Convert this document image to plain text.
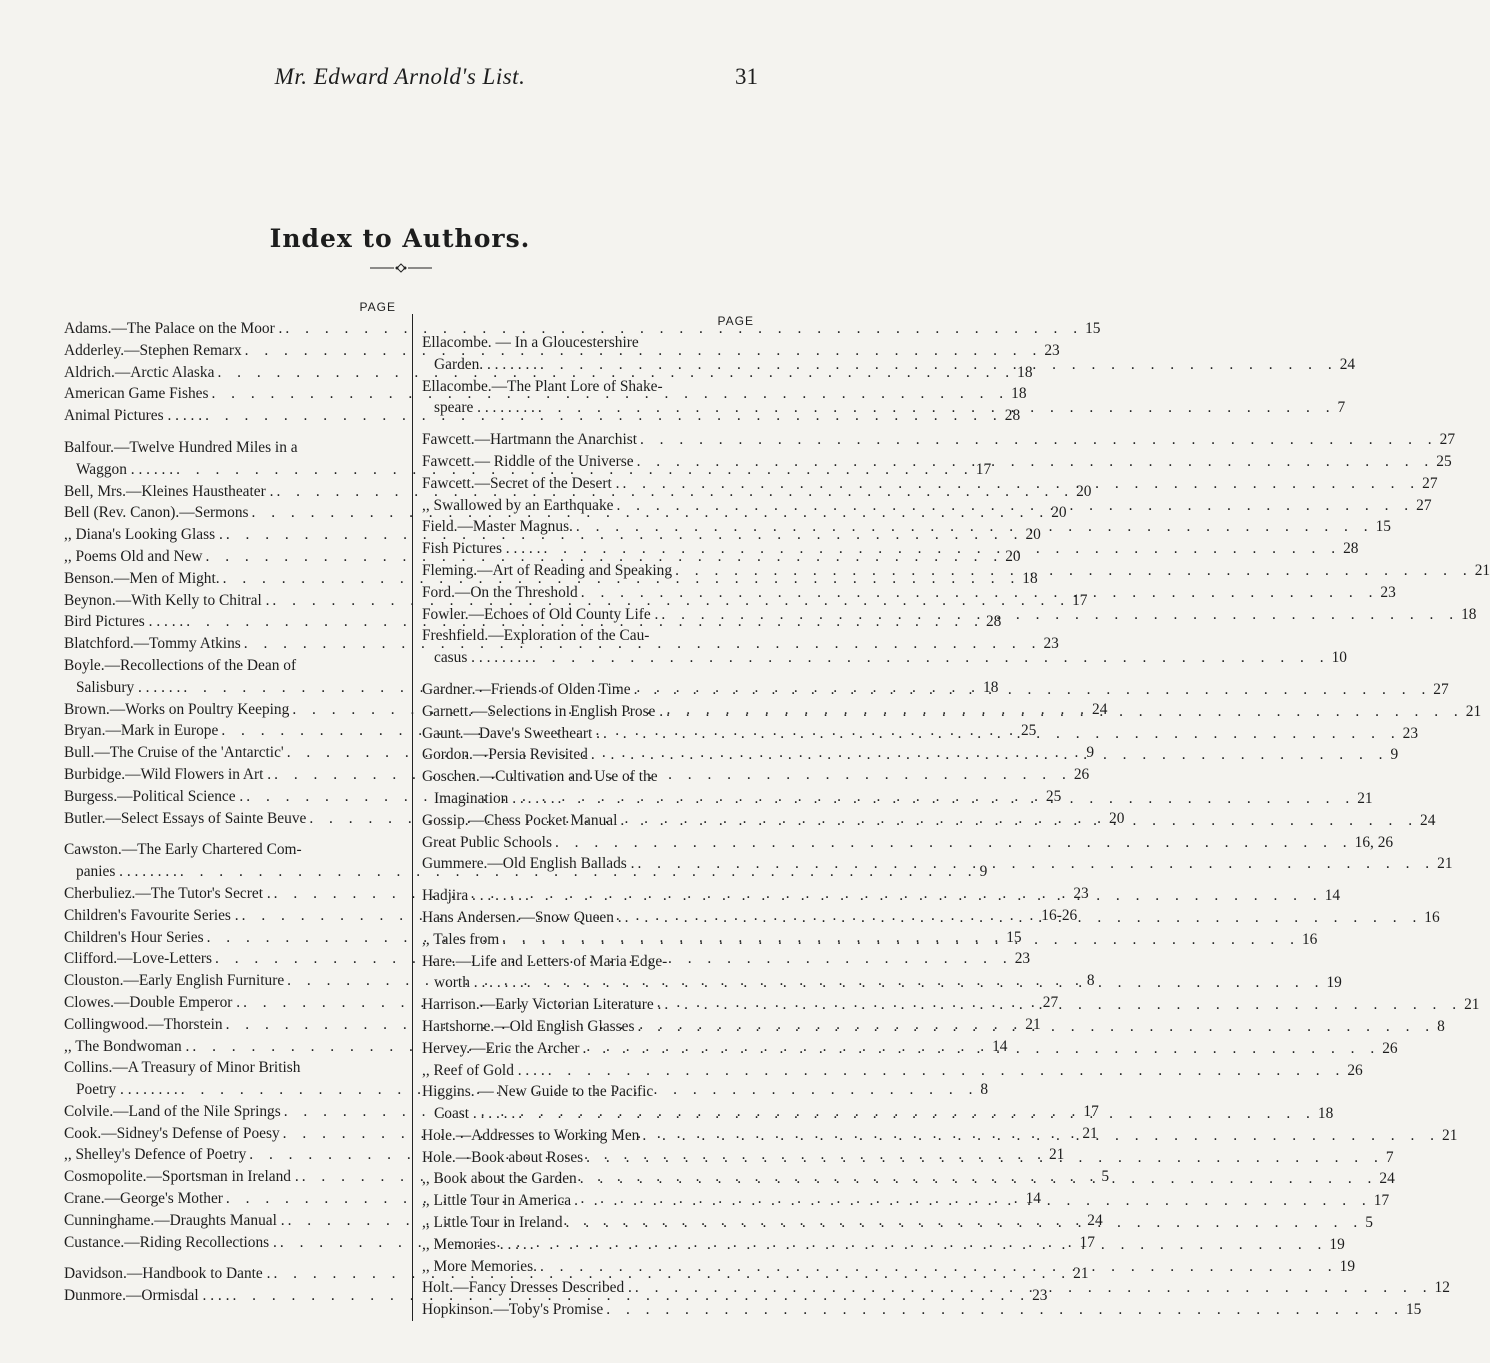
Mr. Edward Arnold's List.	31
Index to Authors.
PAGE
Adams.—The Palace on the Moor . . . .	15
Adderley.—Stephen Remarx . . .	23
Aldrich.—Arctic Alaska . . .	18
American Game Fishes . . .	18
Animal Pictures . . . . . . . .	28
Balfour.—Twelve Hundred Miles in a
Waggon . . . . . . . . .	17
Bell, Mrs.—Kleines Haustheater . . . .	20
Bell (Rev. Canon).—Sermons . . .	20
,, Diana's Looking Glass . . . .	20
,, Poems Old and New . . .	20
Benson.—Men of Might. . . .	18
Beynon.—With Kelly to Chitral . . . .	17
Bird Pictures . . . . . . . .	28
Blatchford.—Tommy Atkins . . .	23
Boyle.—Recollections of the Dean of
Salisbury . . . . . . . . .	18
Brown.—Works on Poultry Keeping . . .	24
Bryan.—Mark in Europe . . .	25
Bull.—The Cruise of the 'Antarctic' . . .	9
Burbidge.—Wild Flowers in Art . . . .	26
Burgess.—Political Science . . . .	25
Butler.—Select Essays of Sainte Beuve . . .	20
Cawston.—The Early Chartered Com-
panies . . . . . . . . . . .	9
Cherbuliez.—The Tutor's Secret . . . .	23
Children's Favourite Series . . . .	16-26
Children's Hour Series . . .	15
Clifford.—Love-Letters . . .	23
Clouston.—Early English Furniture . . .	8
Clowes.—Double Emperor . . . .	27
Collingwood.—Thorstein . . .	21
,, The Bondwoman . . . .	14
Collins.—A Treasury of Minor British
Poetry . . . . . . . . . . .	8
Colvile.—Land of the Nile Springs . . .	17
Cook.—Sidney's Defense of Poesy . . .	21
,, Shelley's Defence of Poetry . . .	21
Cosmopolite.—Sportsman in Ireland . . . .	5
Crane.—George's Mother . . .	14
Cunninghame.—Draughts Manual . . . .	24
Custance.—Riding Recollections . . . .	17
Davidson.—Handbook to Dante . . . .	21
Dunmore.—Ormisdal . . . . . . .	23
PAGE
Ellacombe. — In a Gloucestershire
Garden. . . . . . . . . . .	24
Ellacombe.—The Plant Lore of Shake-
speare . . . . . . . . . . .	7
Fawcett.—Hartmann the Anarchist . . .	27
Fawcett.— Riddle of the Universe . . .	25
Fawcett.—Secret of the Desert . . . .	27
,, Swallowed by an Earthquake . . .	27
Field.—Master Magnus. . . .	15
Fish Pictures . . . . . . . .	28
Fleming.—Art of Reading and Speaking . . .	21
Ford.—On the Threshold . . .	23
Fowler.—Echoes of Old County Life . . . .	18
Freshfield.—Exploration of the Cau-
casus . . . . . . . . . . .	10
Gardner.—Friends of Olden Time . . .	27
Garnett.—Selections in English Prose . . . .	21
Gaunt.—Dave's Sweetheart . . . .	23
Gordon.—Persia Revisited . . .	9
Goschen.—Cultivation and Use of the
Imagination . . . . . . . . .	21
Gossip.—Chess Pocket Manual . . .	24
Great Public Schools . . .	16, 26
Gummere.—Old English Ballads . . . .	21
Hadjira . . . . . . . . . .	14
Hans Andersen.—Snow Queen . . . .	16
,, Tales from . . .	16
Hare.—Life and Letters of Maria Edge-
worth . . . . . . . . . .	19
Harrison.—Early Victorian Literature . . . .	21
Hartshorne.—Old English Glasses . . .	8
Hervey.—Eric the Archer . . .	26
,, Reef of Gold . . . . . . .	26
Higgins. — New Guide to the Pacific
Coast . . . . . . . . .	18
Hole.—Addresses to Working Men . . .	21
Hole.—Book about Roses . . .	7
,, Book about the Garden . . .	24
,, Little Tour in America . . .	17
,, Little Tour in Ireland . . .	5
,, Memories . . . . . . .	19
,, More Memories. . . .	19
Holt.—Fancy Dresses Described . . . .	12
Hopkinson.—Toby's Promise . . .	15
